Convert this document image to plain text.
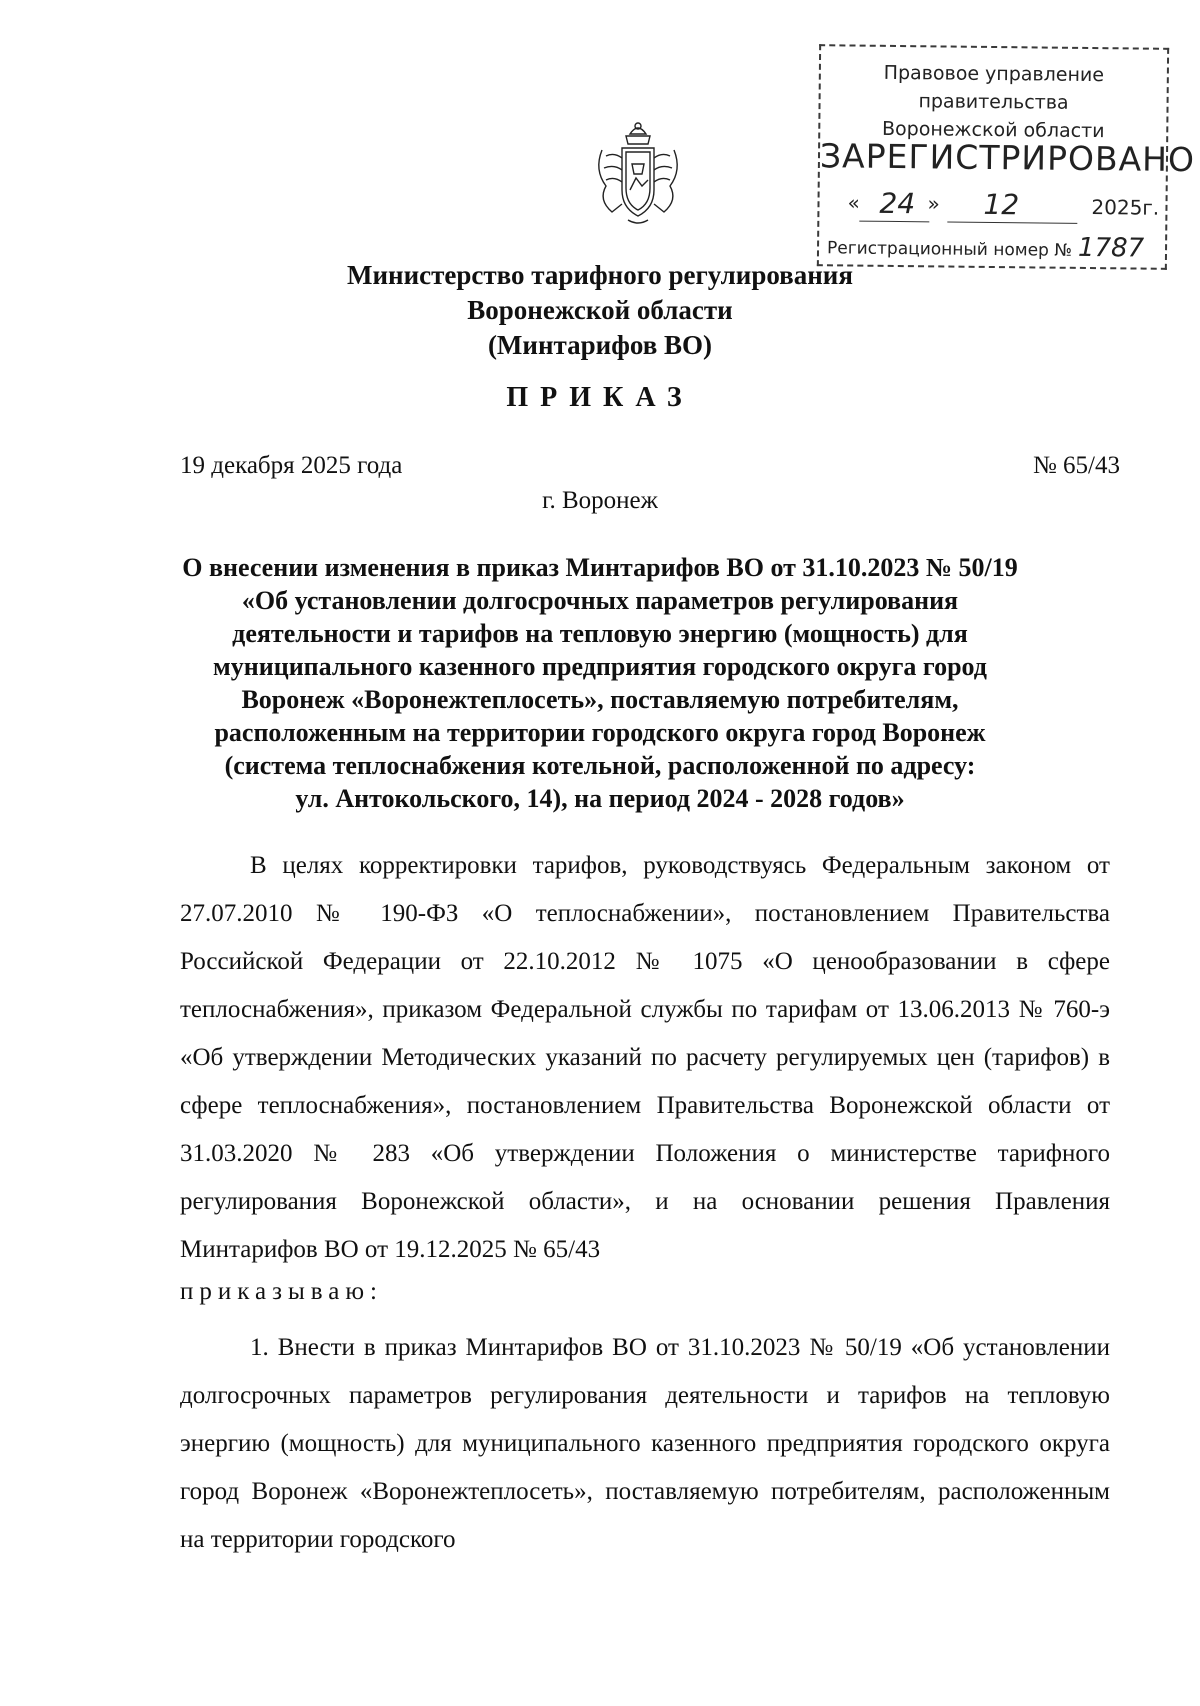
Правовое управление правительства
Воронежской области
ЗАРЕГИСТРИРОВАНО
« 24 » 12	2025г.
Регистрационный номер № 1787
Министерство тарифного регулирования
Воронежской области
(Минтарифов ВО)
ПРИКАЗ
19 декабря 2025 года	№ 65/43
г. Воронеж
О внесении изменения в приказ Минтарифов ВО от 31.10.2023 № 50/19
«Об установлении долгосрочных параметров регулирования
деятельности и тарифов на тепловую энергию (мощность) для
муниципального казенного предприятия городского округа город
Воронеж «Воронежтеплосеть», поставляемую потребителям,
расположенным на территории городского округа город Воронеж
(система теплоснабжения котельной, расположенной по адресу:
ул. Антокольского, 14), на период 2024 - 2028 годов»
В целях корректировки тарифов, руководствуясь Федеральным законом от 27.07.2010 № 190-ФЗ «О теплоснабжении», постановлением Правительства Российской Федерации от 22.10.2012 № 1075 «О ценообразовании в сфере теплоснабжения», приказом Федеральной службы по тарифам от 13.06.2013 № 760-э «Об утверждении Методических указаний по расчету регулируемых цен (тарифов) в сфере теплоснабжения», постановлением Правительства Воронежской области от 31.03.2020 № 283 «Об утверждении Положения о министерстве тарифного регулирования Воронежской области», и на основании решения Правления Минтарифов ВО от 19.12.2025 № 65/43
приказываю:
1. Внести в приказ Минтарифов ВО от 31.10.2023 № 50/19 «Об установлении долгосрочных параметров регулирования деятельности и тарифов на тепловую энергию (мощность) для муниципального казенного предприятия городского округа город Воронеж «Воронежтеплосеть», поставляемую потребителям, расположенным на территории городского
